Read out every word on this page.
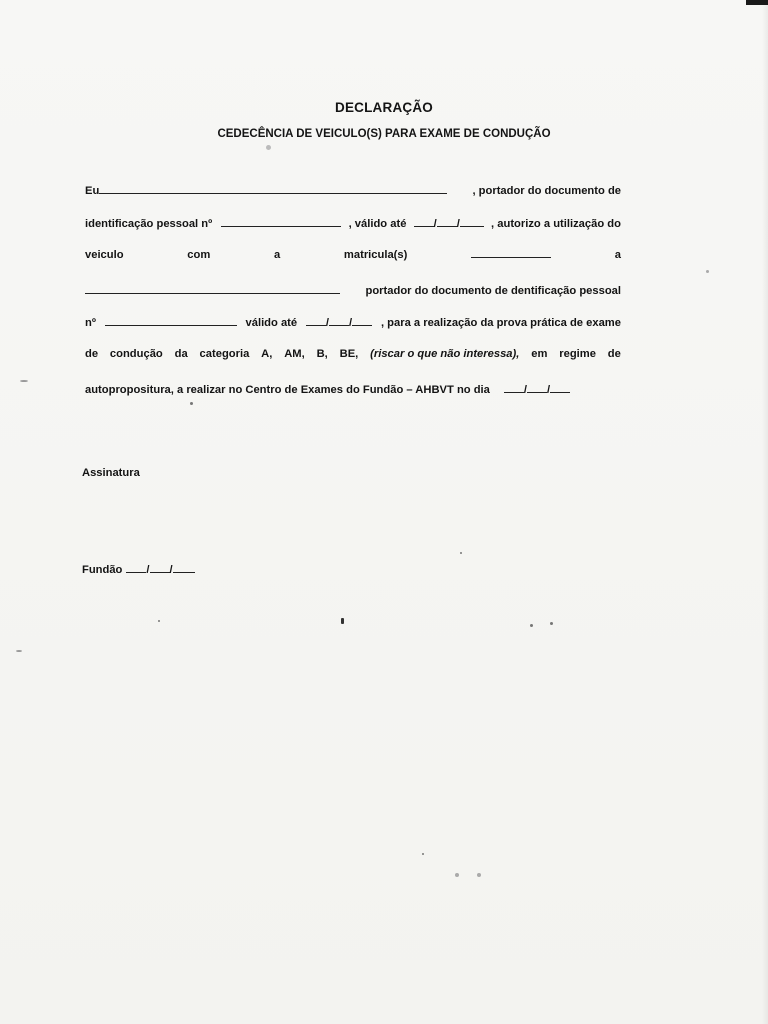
DECLARAÇÃO
CEDECÊNCIA DE VEICULO(S) PARA EXAME DE CONDUÇÃO
Eu	, portador do documento de
identificação pessoal nº	, válido até / /	, autorizo a utilização do
veiculo	com	a	matricula(s)	a
portador do documento de dentificação pessoal
nº	válido até	/ /	, para a realização da prova prática de exame
de condução da categoria A, AM, B, BE, (riscar o que não interessa), em regime de
autopropositura, a realizar no Centro de Exames do Fundão – AHBVT no dia	/ /
Assinatura
Fundão / /
